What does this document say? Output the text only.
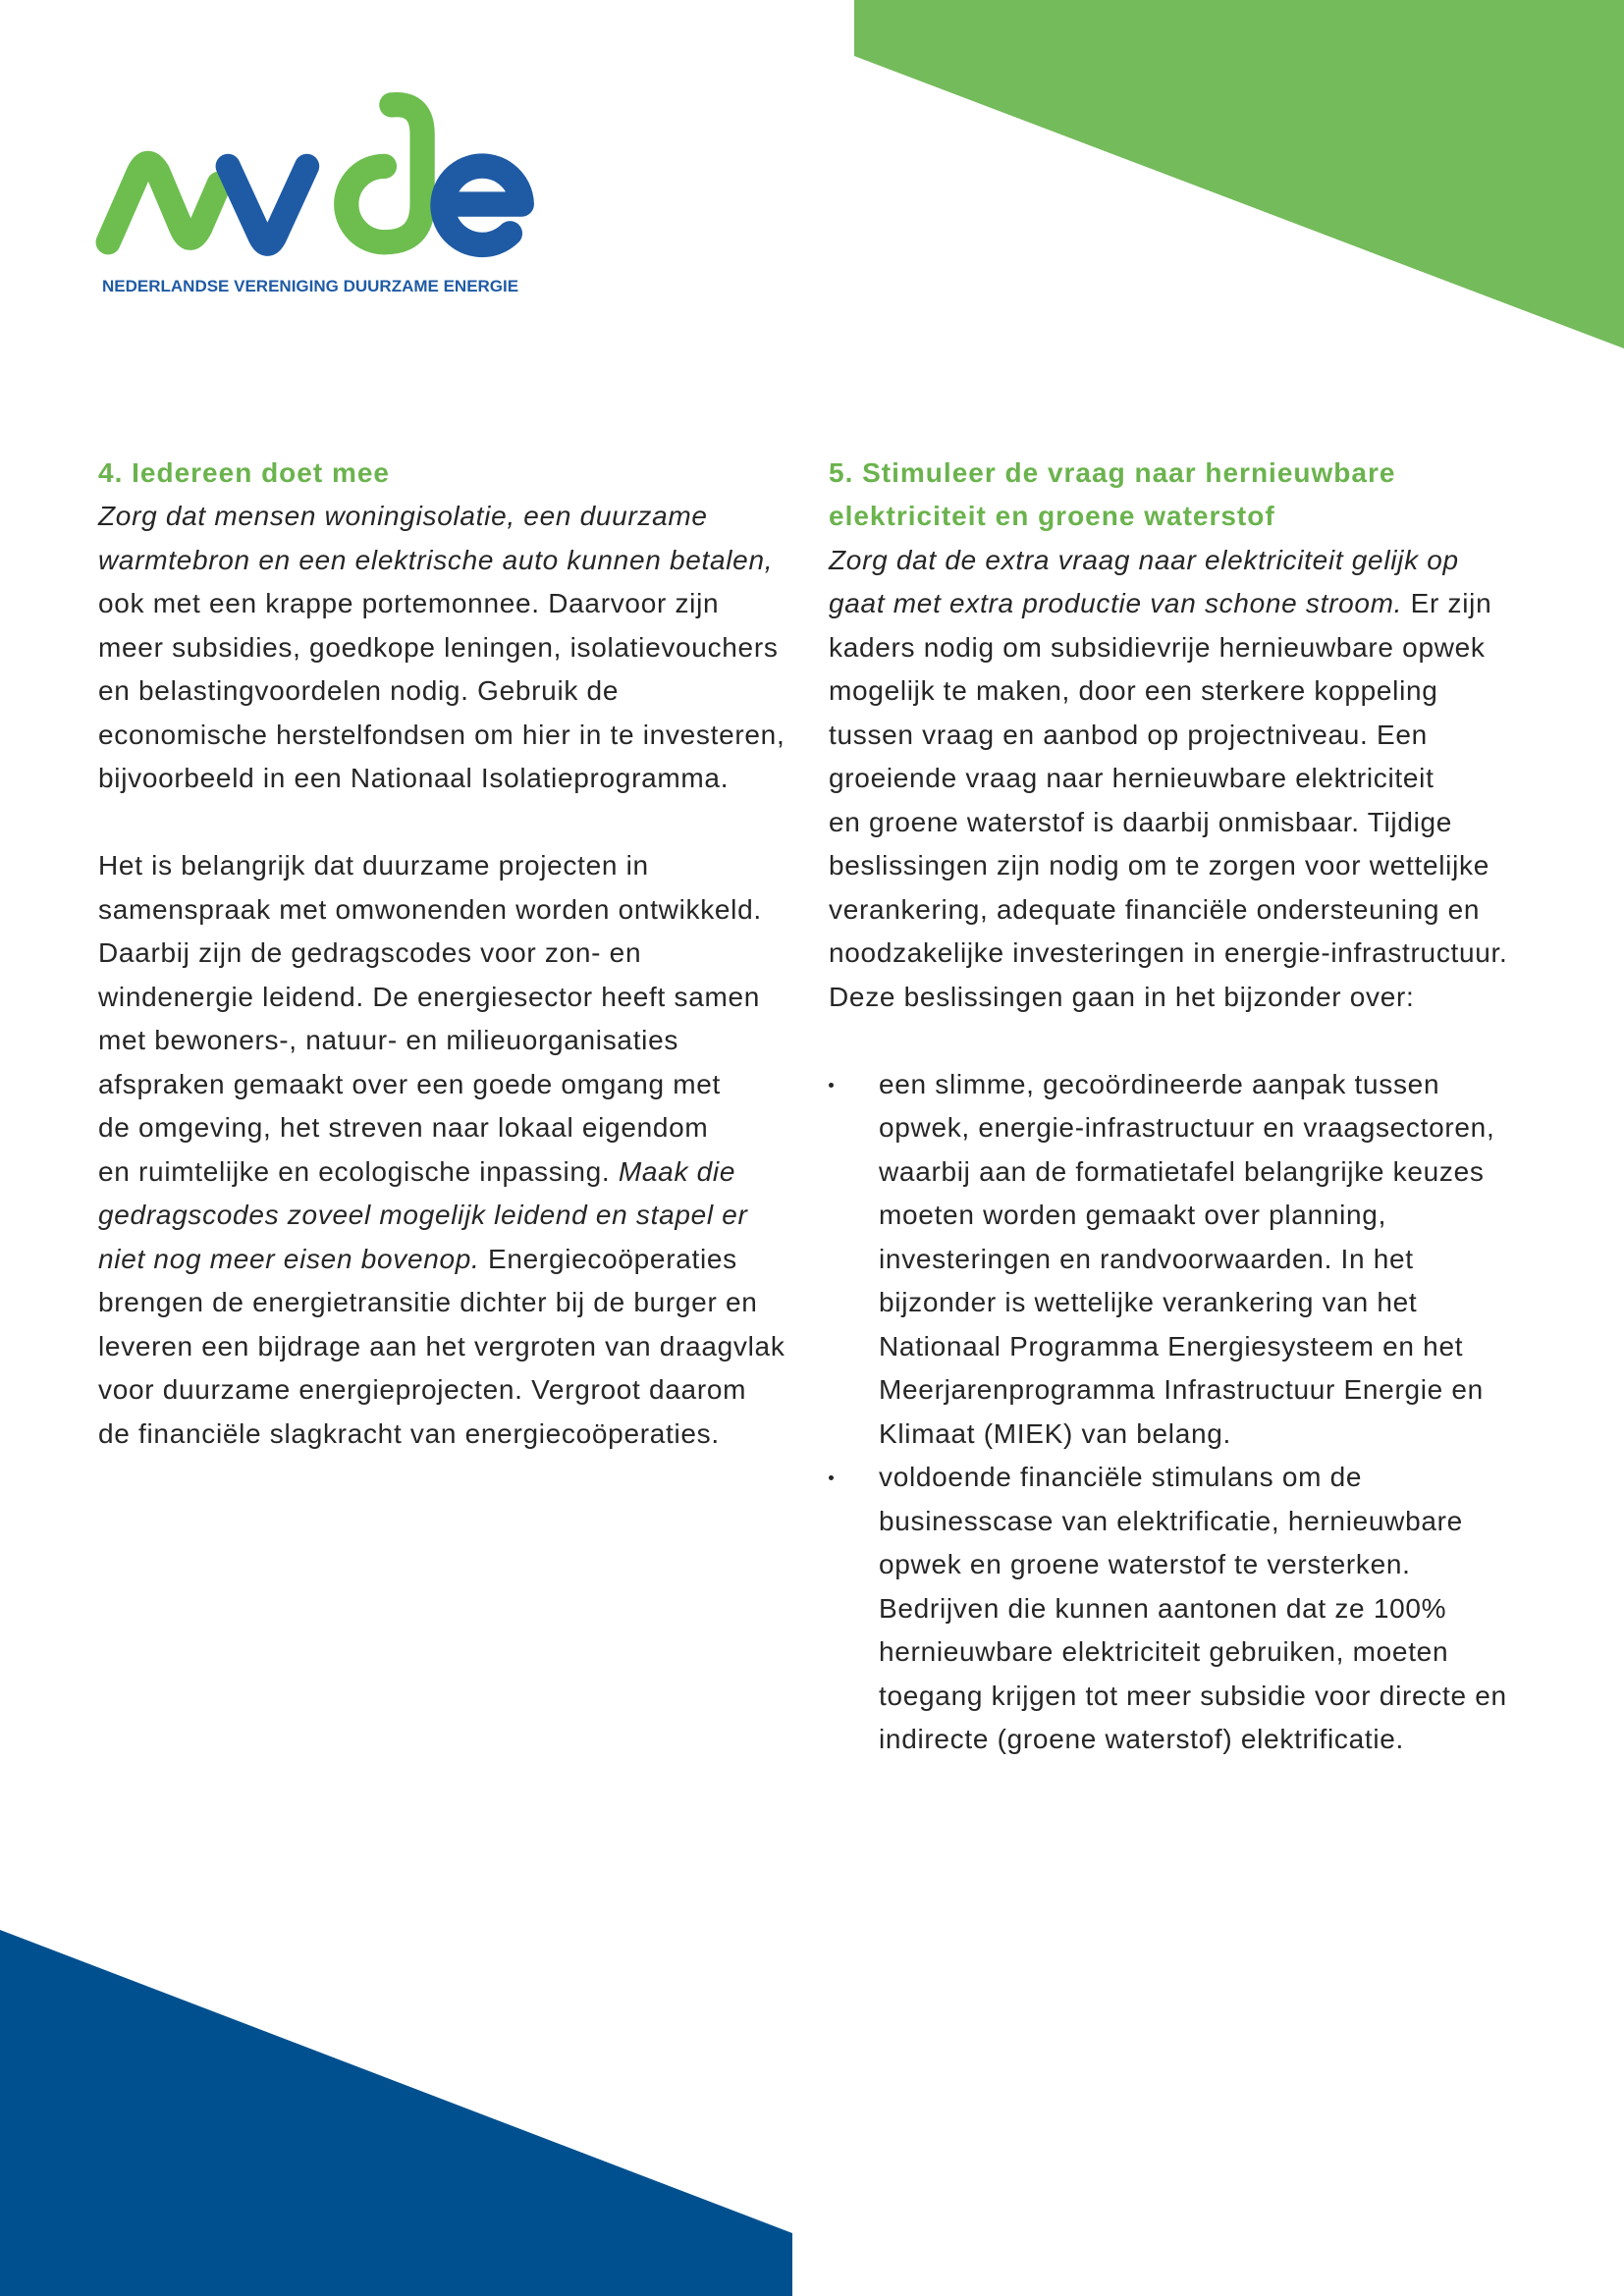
NEDERLANDSE VERENIGING DUURZAME ENERGIE
4. Iedereen doet mee
Zorg dat mensen woningisolatie, een duurzame
warmtebron en een elektrische auto kunnen betalen,
ook met een krappe portemonnee. Daarvoor zijn
meer subsidies, goedkope leningen, isolatievouchers
en belastingvoordelen nodig. Gebruik de
economische herstelfondsen om hier in te investeren,
bijvoorbeeld in een Nationaal Isolatieprogramma.
Het is belangrijk dat duurzame projecten in
samenspraak met omwonenden worden ontwikkeld.
Daarbij zijn de gedragscodes voor zon- en
windenergie leidend. De energiesector heeft samen
met bewoners-, natuur- en milieuorganisaties
afspraken gemaakt over een goede omgang met
de omgeving, het streven naar lokaal eigendom
en ruimtelijke en ecologische inpassing. Maak die
gedragscodes zoveel mogelijk leidend en stapel er
niet nog meer eisen bovenop. Energiecoöperaties
brengen de energietransitie dichter bij de burger en
leveren een bijdrage aan het vergroten van draagvlak
voor duurzame energieprojecten. Vergroot daarom
de financiële slagkracht van energiecoöperaties.
5. Stimuleer de vraag naar hernieuwbare
elektriciteit en groene waterstof
Zorg dat de extra vraag naar elektriciteit gelijk op
gaat met extra productie van schone stroom. Er zijn
kaders nodig om subsidievrije hernieuwbare opwek
mogelijk te maken, door een sterkere koppeling
tussen vraag en aanbod op projectniveau. Een
groeiende vraag naar hernieuwbare elektriciteit
en groene waterstof is daarbij onmisbaar. Tijdige
beslissingen zijn nodig om te zorgen voor wettelijke
verankering, adequate financiële ondersteuning en
noodzakelijke investeringen in energie-infrastructuur.
Deze beslissingen gaan in het bijzonder over:
een slimme, gecoördineerde aanpak tussen
opwek, energie-infrastructuur en vraagsectoren,
waarbij aan de formatietafel belangrijke keuzes
moeten worden gemaakt over planning,
investeringen en randvoorwaarden. In het
bijzonder is wettelijke verankering van het
Nationaal Programma Energiesysteem en het
Meerjarenprogramma Infrastructuur Energie en
Klimaat (MIEK) van belang.
voldoende financiële stimulans om de
businesscase van elektrificatie, hernieuwbare
opwek en groene waterstof te versterken.
Bedrijven die kunnen aantonen dat ze 100%
hernieuwbare elektriciteit gebruiken, moeten
toegang krijgen tot meer subsidie voor directe en
indirecte (groene waterstof) elektrificatie.
